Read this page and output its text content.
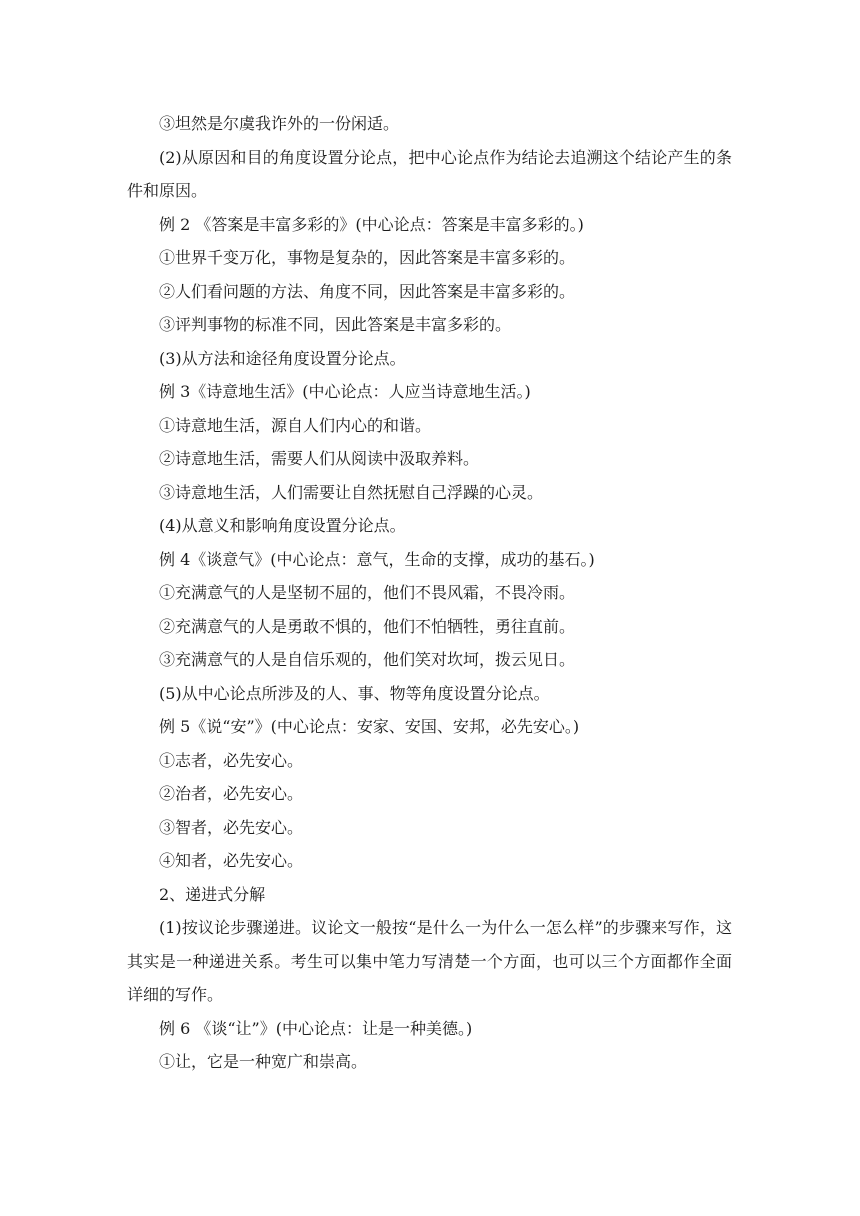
③坦然是尔虞我诈外的一份闲适。

(2)从原因和目的角度设置分论点，把中心论点作为结论去追溯这个结论产生的条件和原因。

例 2 《答案是丰富多彩的》(中心论点：答案是丰富多彩的。)

①世界千变万化，事物是复杂的，因此答案是丰富多彩的。

②人们看问题的方法、角度不同，因此答案是丰富多彩的。

③评判事物的标准不同，因此答案是丰富多彩的。

(3)从方法和途径角度设置分论点。

例 3《诗意地生活》(中心论点：人应当诗意地生活。)

①诗意地生活，源自人们内心的和谐。

②诗意地生活，需要人们从阅读中汲取养料。

③诗意地生活，人们需要让自然抚慰自己浮躁的心灵。

(4)从意义和影响角度设置分论点。

例 4《谈意气》(中心论点：意气，生命的支撑，成功的基石。)

①充满意气的人是坚韧不屈的，他们不畏风霜，不畏冷雨。

②充满意气的人是勇敢不惧的，他们不怕牺牲，勇往直前。

③充满意气的人是自信乐观的，他们笑对坎坷，拨云见日。

(5)从中心论点所涉及的人、事、物等角度设置分论点。

例 5《说“安”》(中心论点：安家、安国、安邦，必先安心。)

①志者，必先安心。

②治者，必先安心。

③智者，必先安心。

④知者，必先安心。

2、递进式分解

(1)按议论步骤递进。议论文一般按“是什么一为什么一怎么样”的步骤来写作，这其实是一种递进关系。考生可以集中笔力写清楚一个方面，也可以三个方面都作全面详细的写作。

例 6 《谈“让”》(中心论点：让是一种美德。)

①让，它是一种宽广和崇高。
